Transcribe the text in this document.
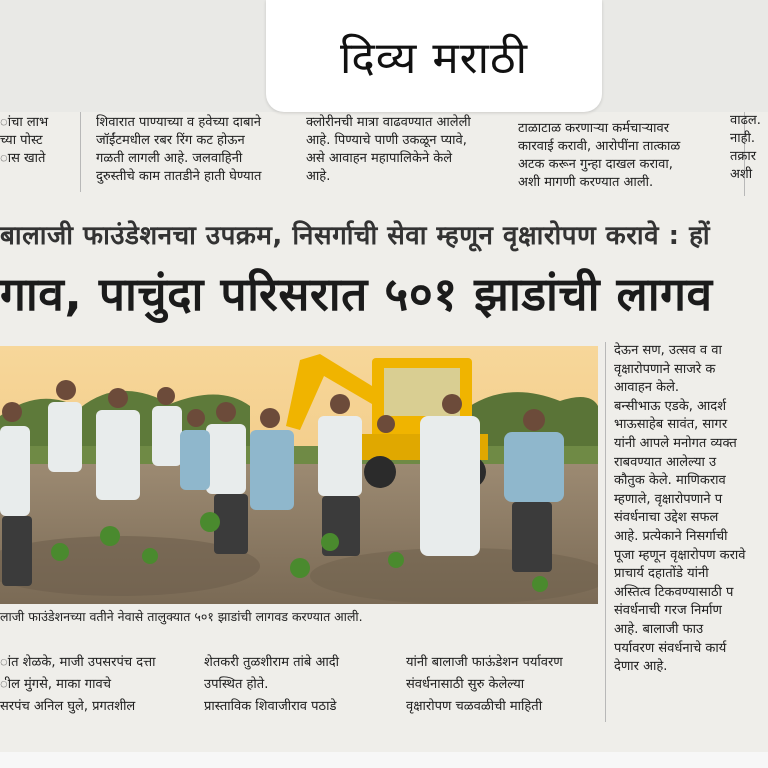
ांचा लाभ
च्या पोस्ट
ास खाते
शिवारात पाण्याच्या व हवेच्या दाबाने
जॉईंटमधील रबर रिंग कट होऊन
गळती लागली आहे. जलवाहिनी
दुरुस्तीचे काम तातडीने हाती घेण्यात
क्लोरीनची मात्रा वाढवण्यात आलेली
आहे. पिण्याचे पाणी उकळून प्यावे,
असे आवाहन महापालिकेने केले
आहे.
टाळाटाळ करणाऱ्या कर्मचाऱ्यावर
कारवाई करावी, आरोपींना तात्काळ
अटक करून गुन्हा दाखल करावा,
अशी मागणी करण्यात आली.
वाढल.
नाही.
तक्रार
अशी
दिव्य मराठी
बालाजी फाउंडेशनचा उपक्रम, निसर्गाची सेवा म्हणून वृक्षारोपण करावे : हों
गाव, पाचुंदा परिसरात ५०१ झाडांची लागव
लाजी फाउंडेशनच्या वतीने नेवासे तालुक्यात ५०१ झाडांची लागवड करण्यात आली.
देऊन सण, उत्सव व वा
वृक्षारोपणाने साजरे क
आवाहन केले.
बन्सीभाऊ एडके, आदर्श
भाऊसाहेब सावंत, सागर
यांनी आपले मनोगत व्यक्त
राबवण्यात आलेल्या उ
कौतुक केले. माणिकराव
म्हणाले, वृक्षारोपणाने प
संवर्धनाचा उद्देश सफल
आहे. प्रत्येकाने निसर्गाची
पूजा म्हणून वृक्षारोपण करावे
प्राचार्य दहातोंडे यांनी
अस्तित्व टिकवण्यासाठी प
संवर्धनाची गरज निर्माण
आहे. बालाजी फाउ
पर्यावरण संवर्धनाचे कार्य
देणार आहे.
ांत शेळके, माजी उपसरपंच दत्ता
ील मुंगसे, माका गावचे
सरपंच अनिल घुले, प्रगतशील
शेतकरी तुळशीराम तांबे आदी
उपस्थित होते.
प्रास्ताविक शिवाजीराव पठाडे
यांनी बालाजी फाऊंडेशन पर्यावरण
संवर्धनासाठी सुरु केलेल्या
वृक्षारोपण चळवळीची माहिती
